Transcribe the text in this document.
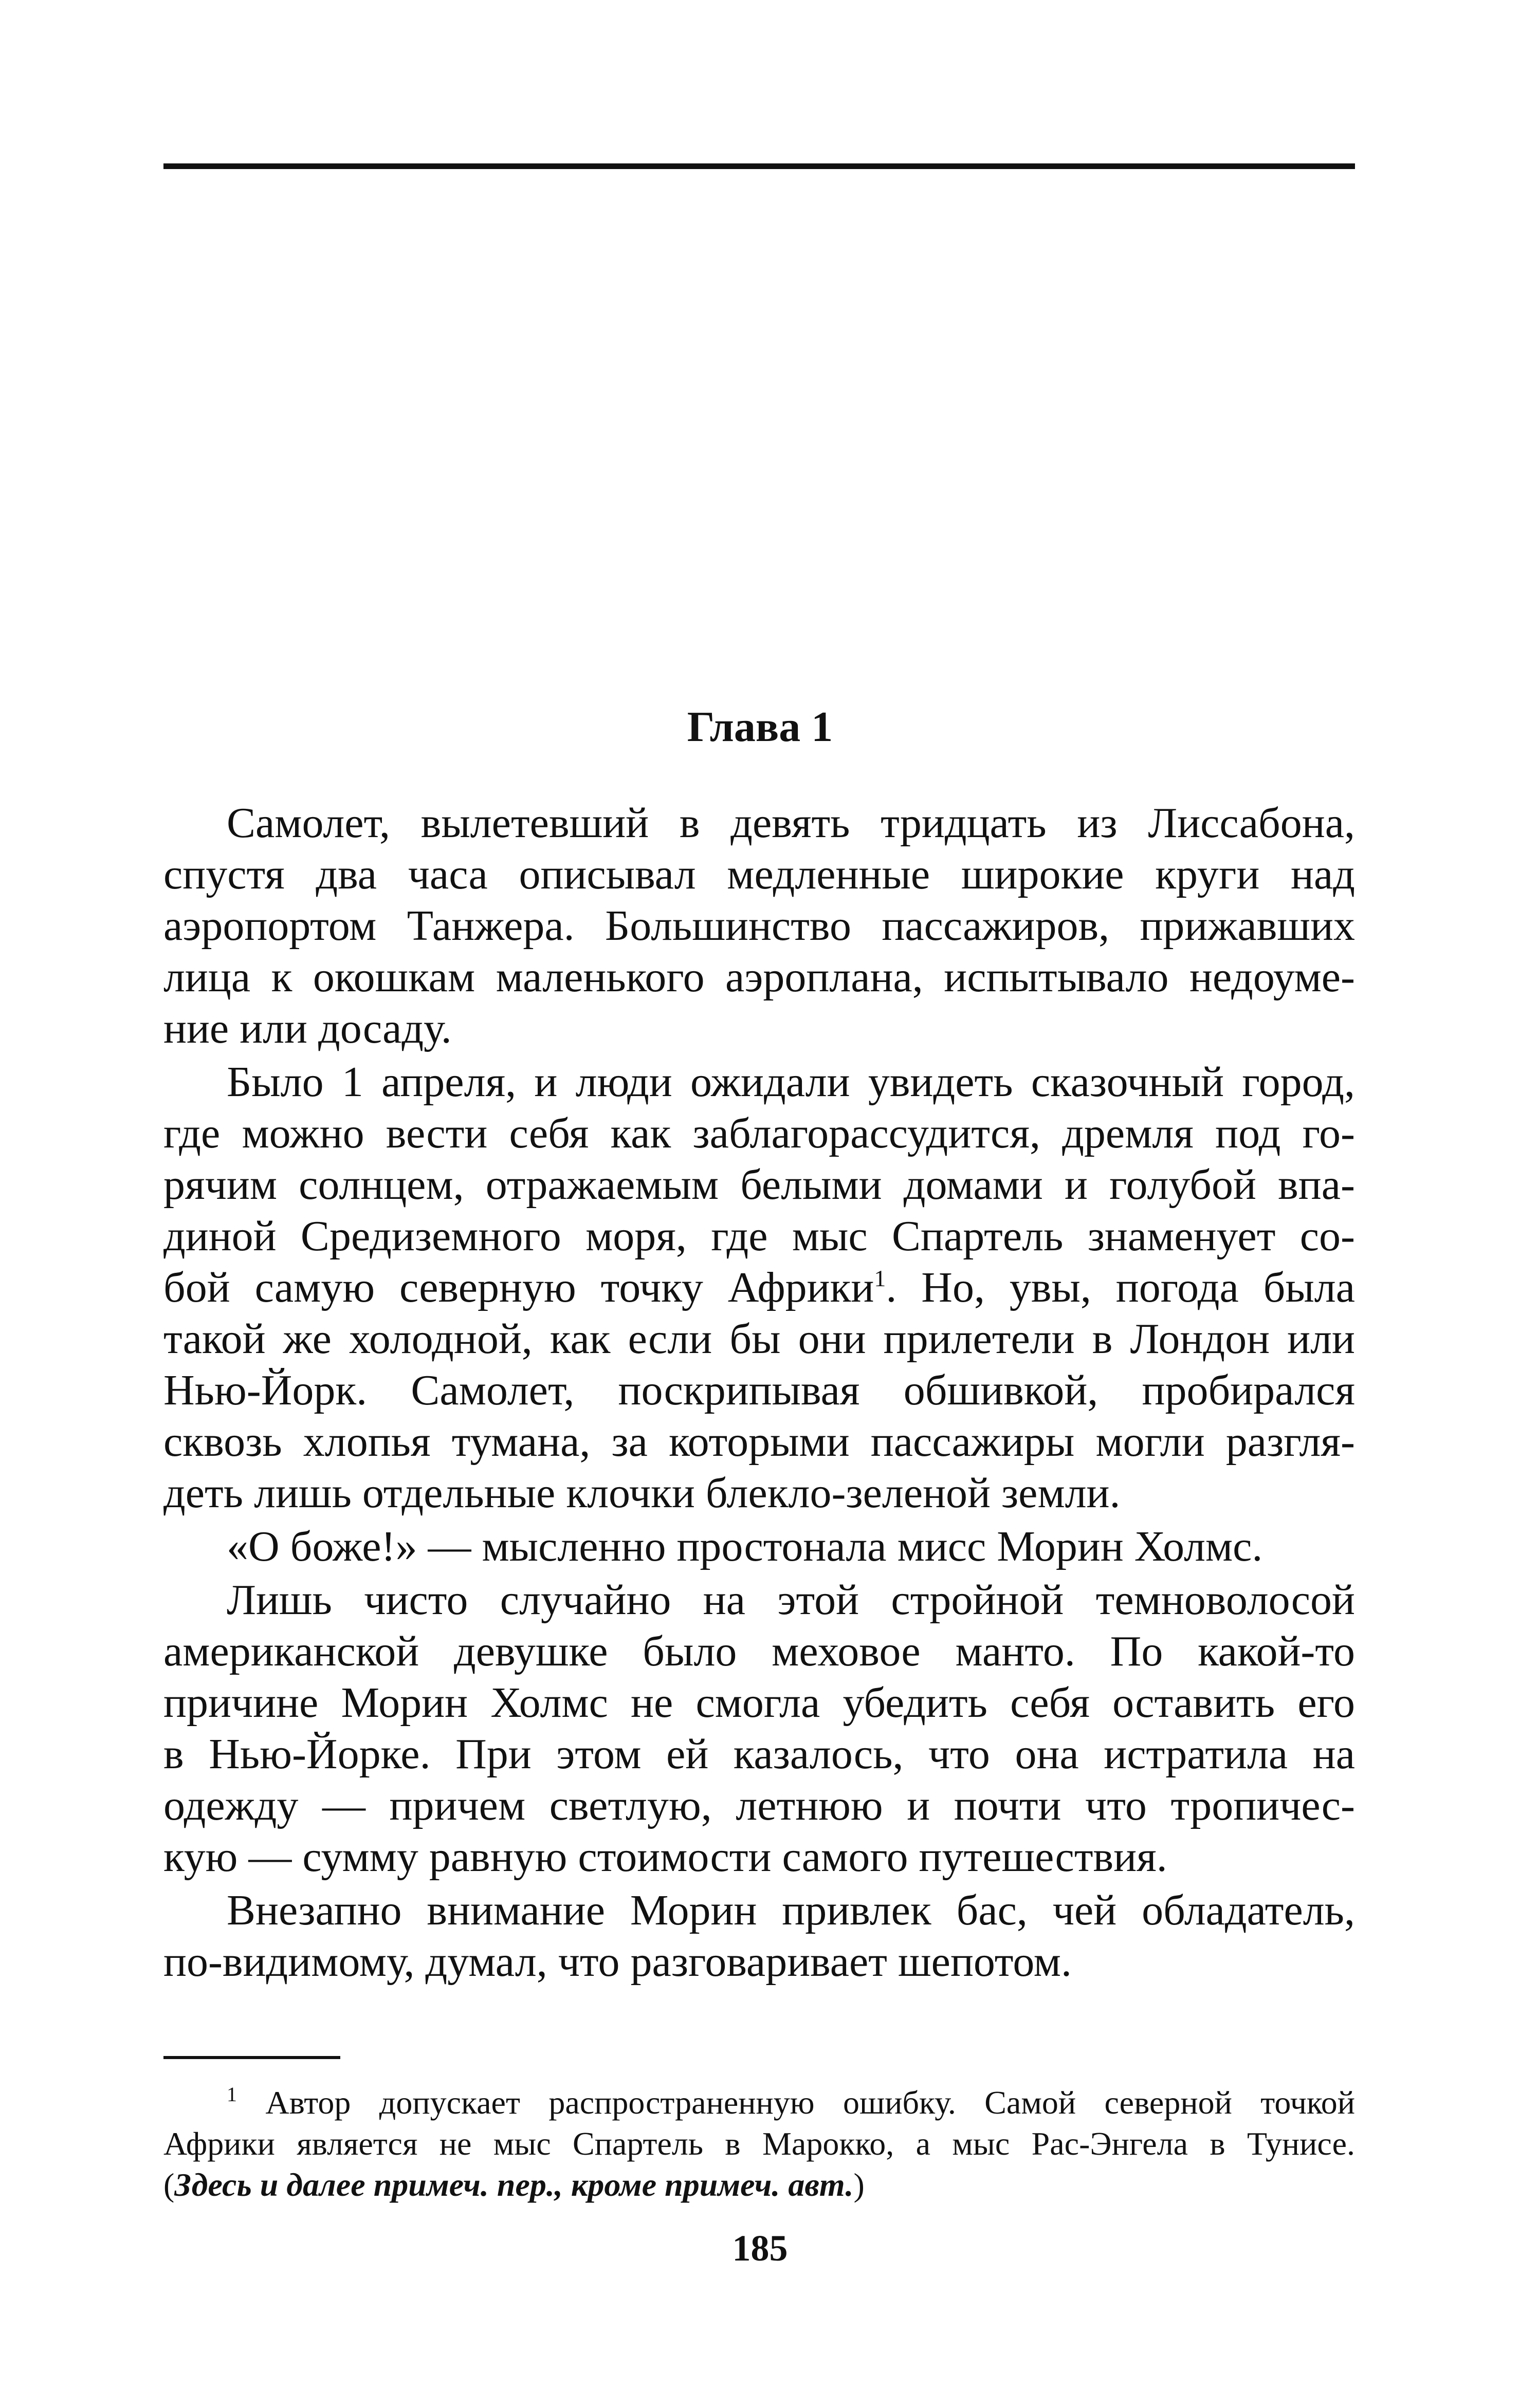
Глава 1
Самолет, вылетевший в девять тридцать из Лиссабона,
спустя два часа описывал медленные широкие круги над
аэропортом Танжера. Большинство пассажиров, прижавших
лица к окошкам маленького аэроплана, испытывало недоуме-
ние или досаду.
Было 1 апреля, и люди ожидали увидеть сказочный город,
где можно вести себя как заблагорассудится, дремля под го-
рячим солнцем, отражаемым белыми домами и голубой впа-
диной Средиземного моря, где мыс Спартель знаменует со-
бой самую северную точку Африки$^1$. Но, увы, погода была
такой же холодной, как если бы они прилетели в Лондон или
Нью-Йорк. Самолет, поскрипывая обшивкой, пробирался
сквозь хлопья тумана, за которыми пассажиры могли разгля-
деть лишь отдельные клочки блекло-зеленой земли.
«О боже!» — мысленно простонала мисс Морин Холмс.
Лишь чисто случайно на этой стройной темноволосой
американской девушке было меховое манто. По какой-то
причине Морин Холмс не смогла убедить себя оставить его
в Нью-Йорке. При этом ей казалось, что она истратила на
одежду — причем светлую, летнюю и почти что тропичес-
кую — сумму равную стоимости самого путешествия.
Внезапно внимание Морин привлек бас, чей обладатель,
по-видимому, думал, что разговаривает шепотом.
$^1$ Автор допускает распространенную ошибку. Самой северной точкой
Африки является не мыс Спартель в Марокко, а мыс Рас-Энгела в Тунисе.
(Здесь и далее примеч. пер., кроме примеч. авт.)
185
